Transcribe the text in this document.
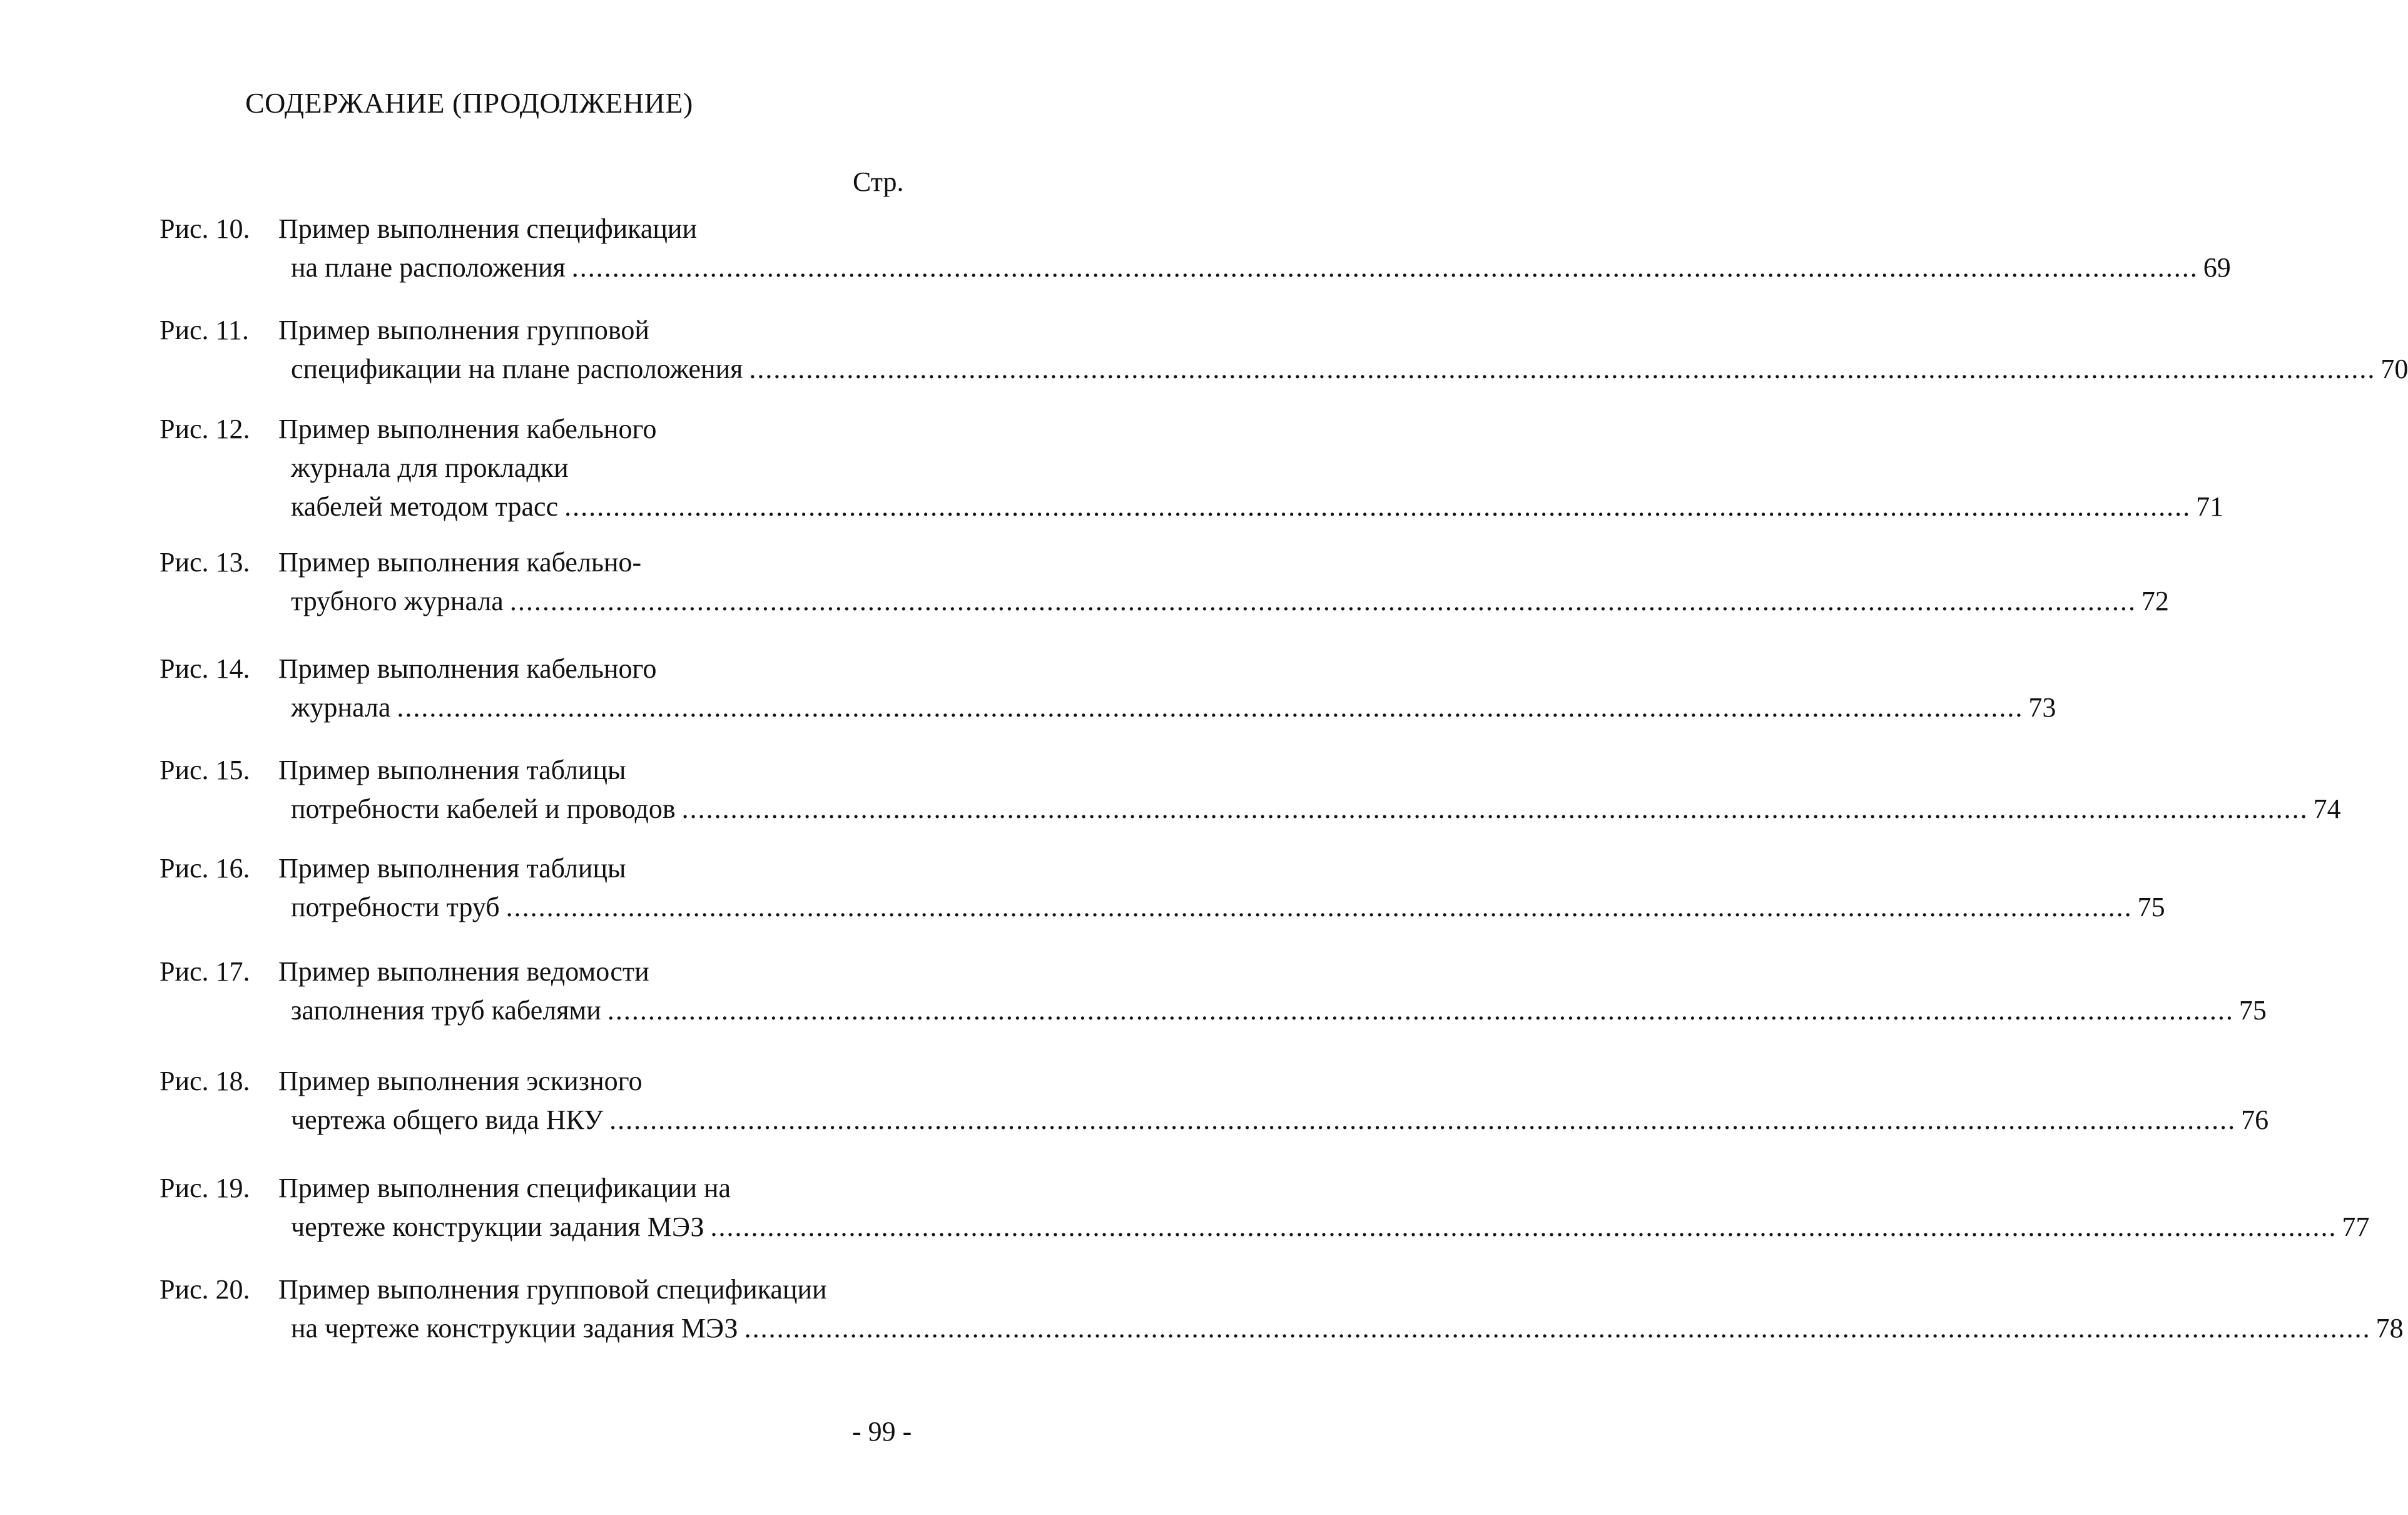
СОДЕРЖАНИЕ (ПРОДОЛЖЕНИЕ)
Стр.
Рис. 10. Пример выполнения спецификации
на плане расположения ........................................................................................................................................................................................................ 69
Рис. 11. Пример выполнения групповой
спецификации на плане расположения ........................................................................................................................................................................................................ 70
Рис. 12. Пример выполнения кабельного
журнала для прокладки
кабелей методом трасс ........................................................................................................................................................................................................ 71
Рис. 13. Пример выполнения кабельно-
трубного журнала ........................................................................................................................................................................................................ 72
Рис. 14. Пример выполнения кабельного
журнала ........................................................................................................................................................................................................ 73
Рис. 15. Пример выполнения таблицы
потребности кабелей и проводов ........................................................................................................................................................................................................ 74
Рис. 16. Пример выполнения таблицы
потребности труб ........................................................................................................................................................................................................ 75
Рис. 17. Пример выполнения ведомости
заполнения труб кабелями ........................................................................................................................................................................................................ 75
Рис. 18. Пример выполнения эскизного
чертежа общего вида НКУ ........................................................................................................................................................................................................ 76
Рис. 19. Пример выполнения спецификации на
чертеже конструкции задания МЭЗ ........................................................................................................................................................................................................ 77
Рис. 20. Пример выполнения групповой спецификации
на чертеже конструкции задания МЭЗ ........................................................................................................................................................................................................ 78
- 99 -
